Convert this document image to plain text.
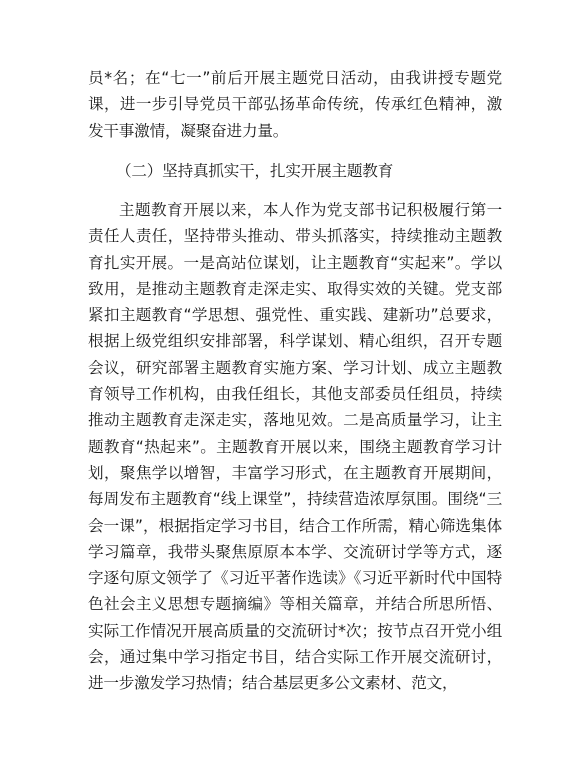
员*名；在“七一”前后开展主题党日活动，由我讲授专题党课，进一步引导党员干部弘扬革命传统，传承红色精神，激发干事激情，凝聚奋进力量。
（二）坚持真抓实干，扎实开展主题教育
主题教育开展以来，本人作为党支部书记积极履行第一责任人责任，坚持带头推动、带头抓落实，持续推动主题教育扎实开展。一是高站位谋划，让主题教育“实起来”。学以致用，是推动主题教育走深走实、取得实效的关键。党支部紧扣主题教育“学思想、强党性、重实践、建新功”总要求，根据上级党组织安排部署，科学谋划、精心组织，召开专题会议，研究部署主题教育实施方案、学习计划、成立主题教育领导工作机构，由我任组长，其他支部委员任组员，持续推动主题教育走深走实，落地见效。二是高质量学习，让主题教育“热起来”。主题教育开展以来，围绕主题教育学习计划，聚焦学以增智，丰富学习形式，在主题教育开展期间，每周发布主题教育“线上课堂”，持续营造浓厚氛围。围绕“三会一课”，根据指定学习书目，结合工作所需，精心筛选集体学习篇章，我带头聚焦原原本本学、交流研讨学等方式，逐字逐句原文领学了《习近平著作选读》《习近平新时代中国特色社会主义思想专题摘编》等相关篇章，并结合所思所悟、实际工作情况开展高质量的交流研讨*次；按节点召开党小组会，通过集中学习指定书目，结合实际工作开展交流研讨，进一步激发学习热情；结合基层更多公文素材、范文，
